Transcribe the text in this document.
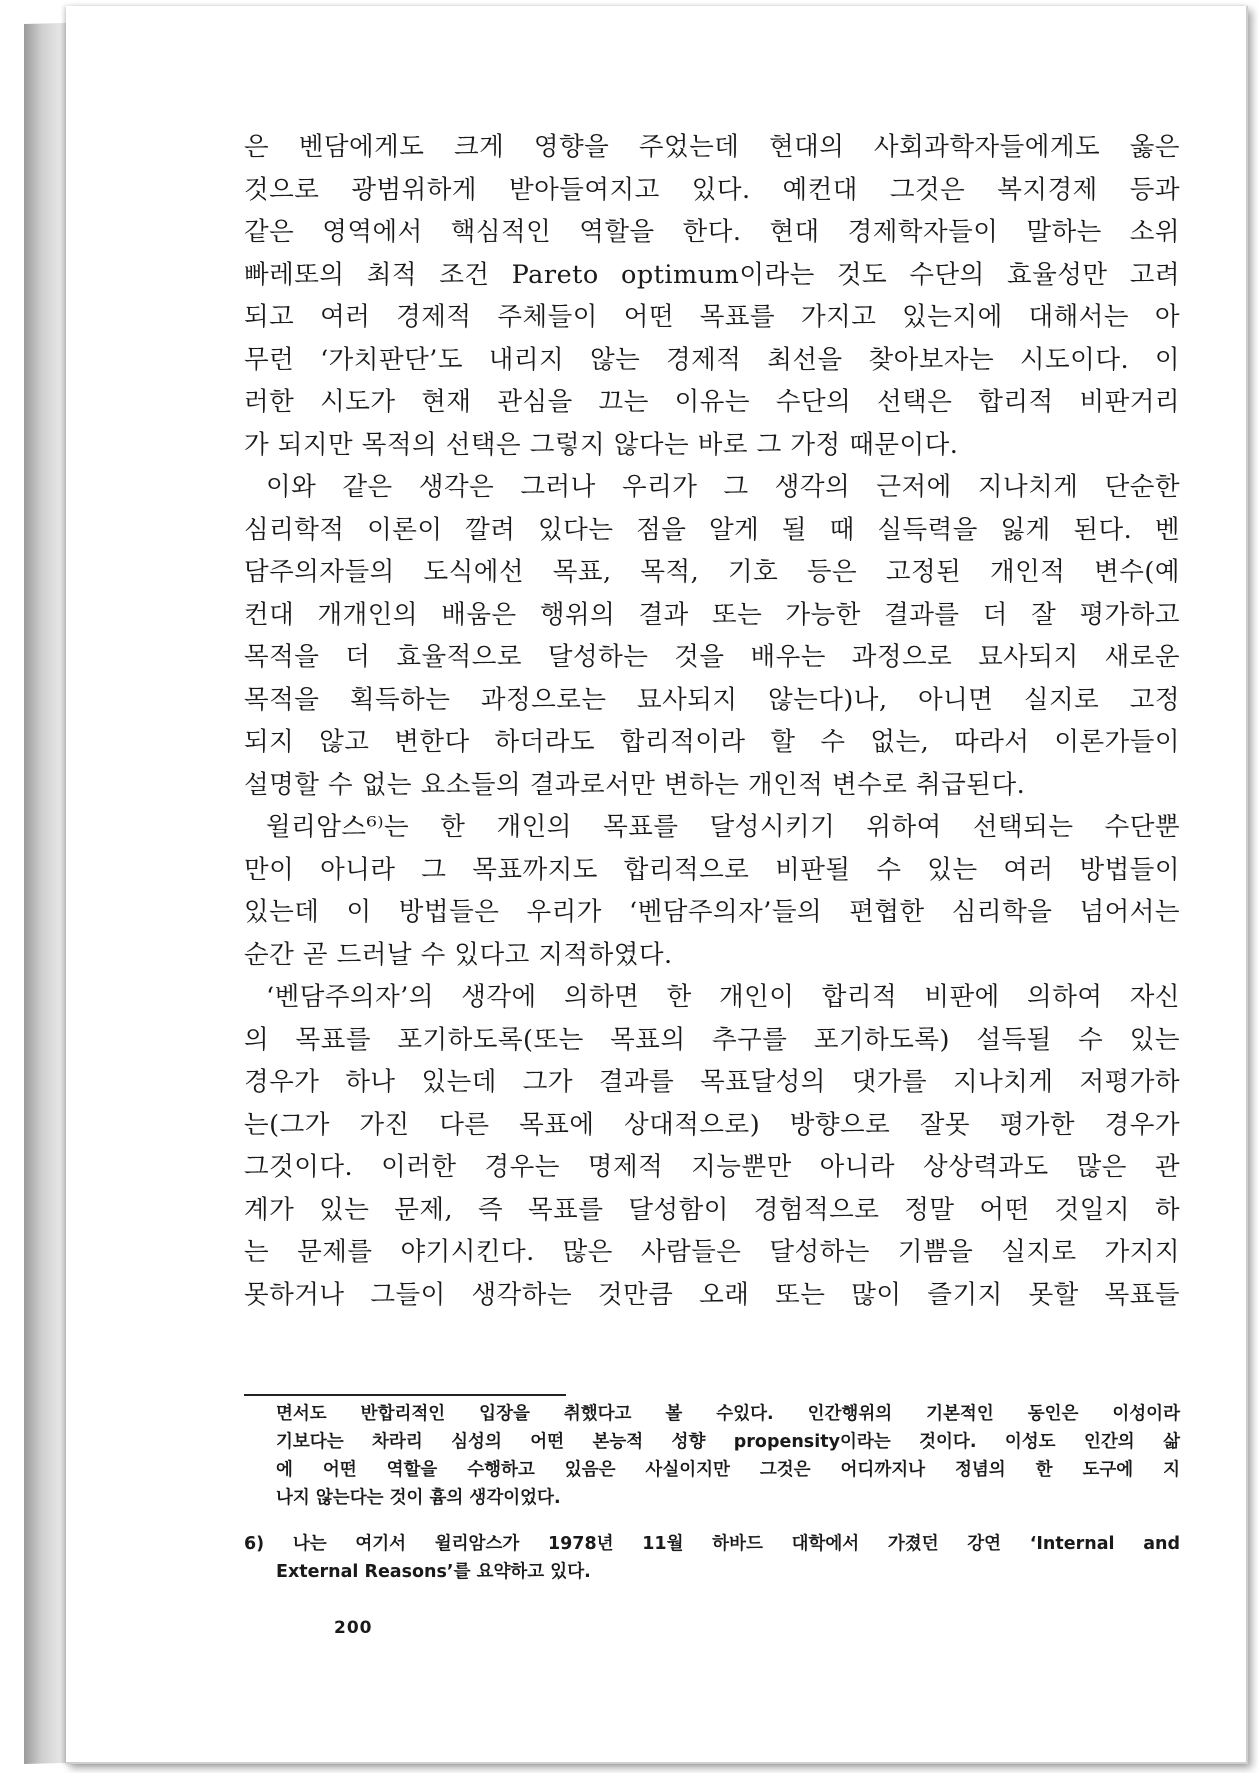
은 벤담에게도 크게 영향을 주었는데 현대의 사회과학자들에게도 옳은
것으로 광범위하게 받아들여지고 있다. 예컨대 그것은 복지경제 등과
같은 영역에서 핵심적인 역할을 한다. 현대 경제학자들이 말하는 소위
빠레또의 최적 조건 Pareto optimum이라는 것도 수단의 효율성만 고려
되고 여러 경제적 주체들이 어떤 목표를 가지고 있는지에 대해서는 아
무런 ‘가치판단’도 내리지 않는 경제적 최선을 찾아보자는 시도이다. 이
러한 시도가 현재 관심을 끄는 이유는 수단의 선택은 합리적 비판거리
가 되지만 목적의 선택은 그렇지 않다는 바로 그 가정 때문이다.
이와 같은 생각은 그러나 우리가 그 생각의 근저에 지나치게 단순한
심리학적 이론이 깔려 있다는 점을 알게 될 때 실득력을 잃게 된다. 벤
담주의자들의 도식에선 목표, 목적, 기호 등은 고정된 개인적 변수(예
컨대 개개인의 배움은 행위의 결과 또는 가능한 결과를 더 잘 평가하고
목적을 더 효율적으로 달성하는 것을 배우는 과정으로 묘사되지 새로운
목적을 획득하는 과정으로는 묘사되지 않는다)나, 아니면 실지로 고정
되지 않고 변한다 하더라도 합리적이라 할 수 없는, 따라서 이론가들이
설명할 수 없는 요소들의 결과로서만 변하는 개인적 변수로 취급된다.
윌리암스⁶⁾는 한 개인의 목표를 달성시키기 위하여 선택되는 수단뿐
만이 아니라 그 목표까지도 합리적으로 비판될 수 있는 여러 방법들이
있는데 이 방법들은 우리가 ‘벤담주의자’들의 편협한 심리학을 넘어서는
순간 곧 드러날 수 있다고 지적하였다.
‘벤담주의자’의 생각에 의하면 한 개인이 합리적 비판에 의하여 자신
의 목표를 포기하도록(또는 목표의 추구를 포기하도록) 설득될 수 있는
경우가 하나 있는데 그가 결과를 목표달성의 댓가를 지나치게 저평가하
는(그가 가진 다른 목표에 상대적으로) 방향으로 잘못 평가한 경우가
그것이다. 이러한 경우는 명제적 지능뿐만 아니라 상상력과도 많은 관
계가 있는 문제, 즉 목표를 달성함이 경험적으로 정말 어떤 것일지 하
는 문제를 야기시킨다. 많은 사람들은 달성하는 기쁨을 실지로 가지지
못하거나 그들이 생각하는 것만큼 오래 또는 많이 즐기지 못할 목표들
면서도 반합리적인 입장을 취했다고 볼 수있다. 인간행위의 기본적인 동인은 이성이라
기보다는 차라리 심성의 어떤 본능적 성향 propensity이라는 것이다. 이성도 인간의 삶
에 어떤 역할을 수행하고 있음은 사실이지만 그것은 어디까지나 정념의 한 도구에 지
나지 않는다는 것이 흄의 생각이었다.
6) 나는 여기서 윌리암스가 1978년 11월 하바드 대학에서 가졌던 강연 ‘Internal and
External Reasons’를 요약하고 있다.
200
